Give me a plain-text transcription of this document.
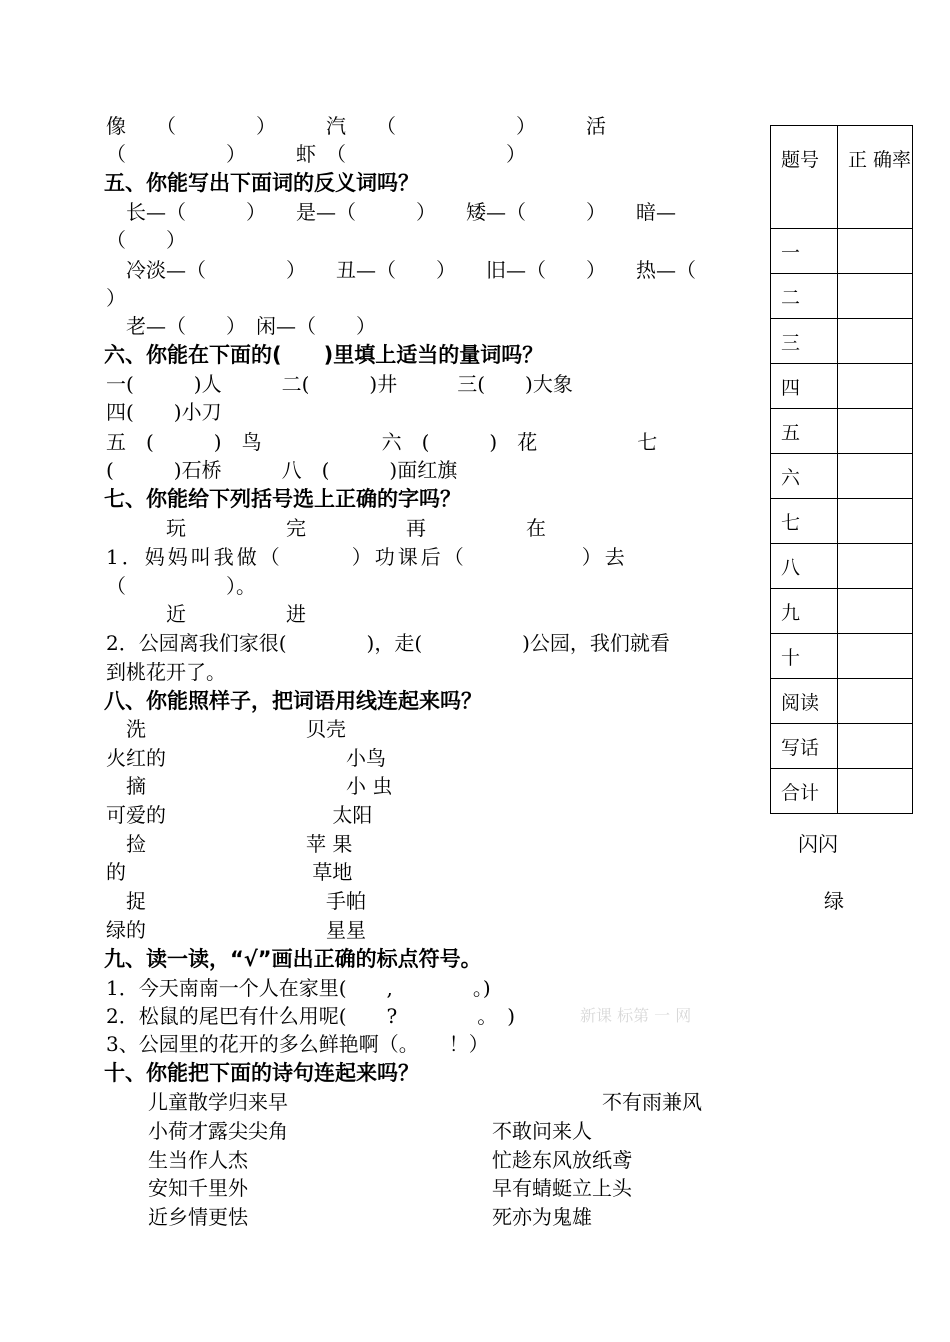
像　　（　　　　）　　　汽　　（　　　　　　）　　　活
（　　　　　）　　　虾　（　　　　　　　　）
五、你能写出下面词的反义词吗？
　长—（　　　）　　是—（　　　）　　矮—（　　　）　　暗—
（　　）
　冷淡—（　　　　）　　丑—（　　）　　旧—（　　）　　热—（
）
　老—（　　）　闲—（　　）
六、你能在下面的(　　)里填上适当的量词吗？
一(　　　)人　　　二(　　　)井　　　三(　　)大象
四(　　)小刀
五　(　　　)　鸟　　　　　　六　(　　　)　花　　　　　七
(　　　)石桥　　　八　(　　　)面红旗
七、你能给下列括号选上正确的字吗？
　　　玩　　　　　完　　　　　再　　　　　在
1．妈妈叫我做（　　　）功课后（　　　　　）去
（　　　　　）。
　　　近　　　　　进
2．公园离我们家很(　　　　)，走(　　　　　)公园，我们就看
到桃花开了。
八、你能照样子，把词语用线连起来吗？
　洗　　　　　　　　贝壳
火红的　　　　　　　　　小鸟
　摘　　　　　　　　　　小 虫
可爱的　　　　　　　　 太阳
　捡　　　　　　　　苹 果	闪闪
的　　　　　　　　　 草地
　捉　　　　　　　　　手帕	绿
绿的　　　　　　　　　星星
九、读一读，“√”画出正确的标点符号。
1．今天南南一个人在家里(　　,　　　　。)
2．松鼠的尾巴有什么用呢(　　?　　　　。　)	新课 标第 一 网
3、公园里的花开的多么鲜艳啊（。　　！）
十、你能把下面的诗句连起来吗？
儿童散学归来早	不有雨兼风
小荷才露尖尖角	不敢问来人
生当作人杰	忙趁东风放纸鸢
安知千里外	早有蜻蜓立上头
近乡情更怯	死亦为鬼雄
题号	正 确率
一	
二	
三	
四	
五	
六	
七	
八	
九	
十	
阅读	
写话	
合计	
